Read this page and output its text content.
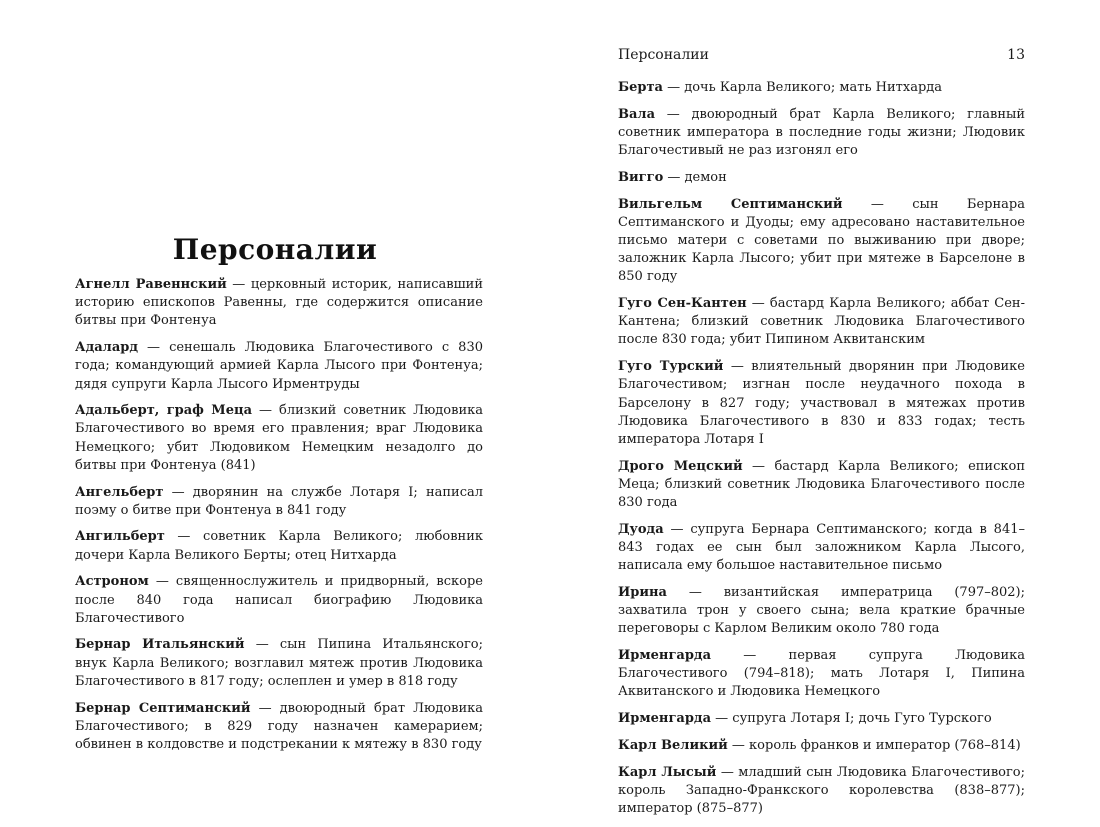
Персоналии
Агнелл Равеннский — церковный историк, написавший историю епископов Равенны, где содержится описание битвы при Фонтенуа
Адалард — сенешаль Людовика Благочестивого с 830 года; командующий армией Карла Лысого при Фонтенуа; дядя супруги Карла Лысого Ирментруды
Адальберт, граф Меца — близкий советник Людовика Благочестивого во время его правления; враг Людовика Немецкого; убит Людовиком Немецким незадолго до битвы при Фонтенуа (841)
Ангельберт — дворянин на службе Лотаря I; написал поэму о битве при Фонтенуа в 841 году
Ангильберт — советник Карла Великого; любовник дочери Карла Великого Берты; отец Нитхарда
Астроном — священнослужитель и придворный, вскоре после 840 года написал биографию Людовика Благочестивого
Бернар Итальянский — сын Пипина Итальянского; внук Карла Великого; возглавил мятеж против Людовика Благочестивого в 817 году; ослеплен и умер в 818 году
Бернар Септиманский — двоюродный брат Людовика Благочестивого; в 829 году назначен камерарием; обвинен в колдовстве и подстрекании к мятежу в 830 году
Персоналии	13
Берта — дочь Карла Великого; мать Нитхарда
Вала — двоюродный брат Карла Великого; главный советник императора в последние годы жизни; Людовик Благочестивый не раз изгонял его
Вигго — демон
Вильгельм Септиманский — сын Бернара Септиманского и Дуоды; ему адресовано наставительное письмо матери с советами по выживанию при дворе; заложник Карла Лысого; убит при мятеже в Барселоне в 850 году
Гуго Сен-Кантен — бастард Карла Великого; аббат Сен-Кантена; близкий советник Людовика Благочестивого после 830 года; убит Пипином Аквитанским
Гуго Турский — влиятельный дворянин при Людовике Благочестивом; изгнан после неудачного похода в Барселону в 827 году; участвовал в мятежах против Людовика Благочестивого в 830 и 833 годах; тесть императора Лотаря I
Дрого Мецский — бастард Карла Великого; епископ Меца; близкий советник Людовика Благочестивого после 830 года
Дуода — супруга Бернара Септиманского; когда в 841–843 годах ее сын был заложником Карла Лысого, написала ему большое наставительное письмо
Ирина — византийская императрица (797–802); захватила трон у своего сына; вела краткие брачные переговоры с Карлом Великим около 780 года
Ирменгарда — первая супруга Людовика Благочестивого (794–818); мать Лотаря I, Пипина Аквитанского и Людовика Немецкого
Ирменгарда — супруга Лотаря I; дочь Гуго Турского
Карл Великий — король франков и император (768–814)
Карл Лысый — младший сын Людовика Благочестивого; король Западно-Франкского королевства (838–877); император (875–877)
